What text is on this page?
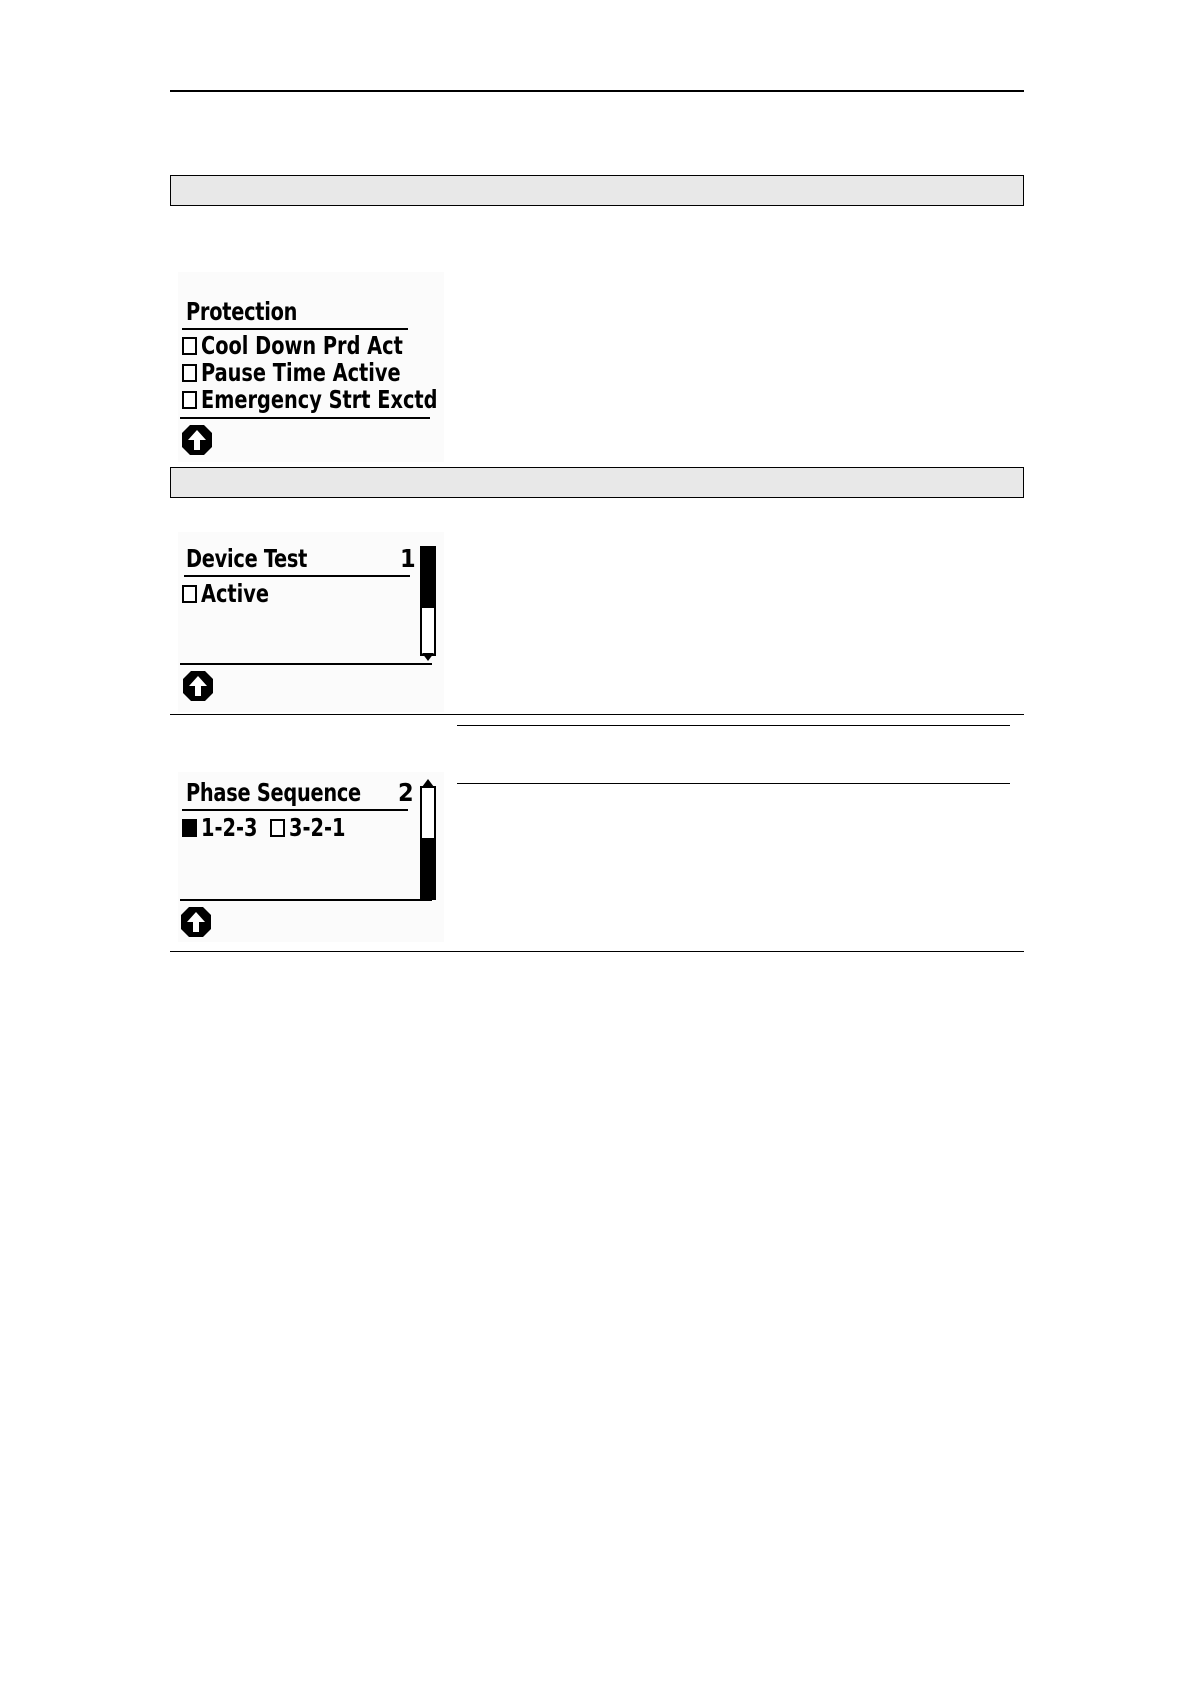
Protection
Cool Down Prd Act
Pause Time Active
Emergency Strt Exctd
Device Test	1
Active
Phase Sequence 2
1-2-3 3-2-1
